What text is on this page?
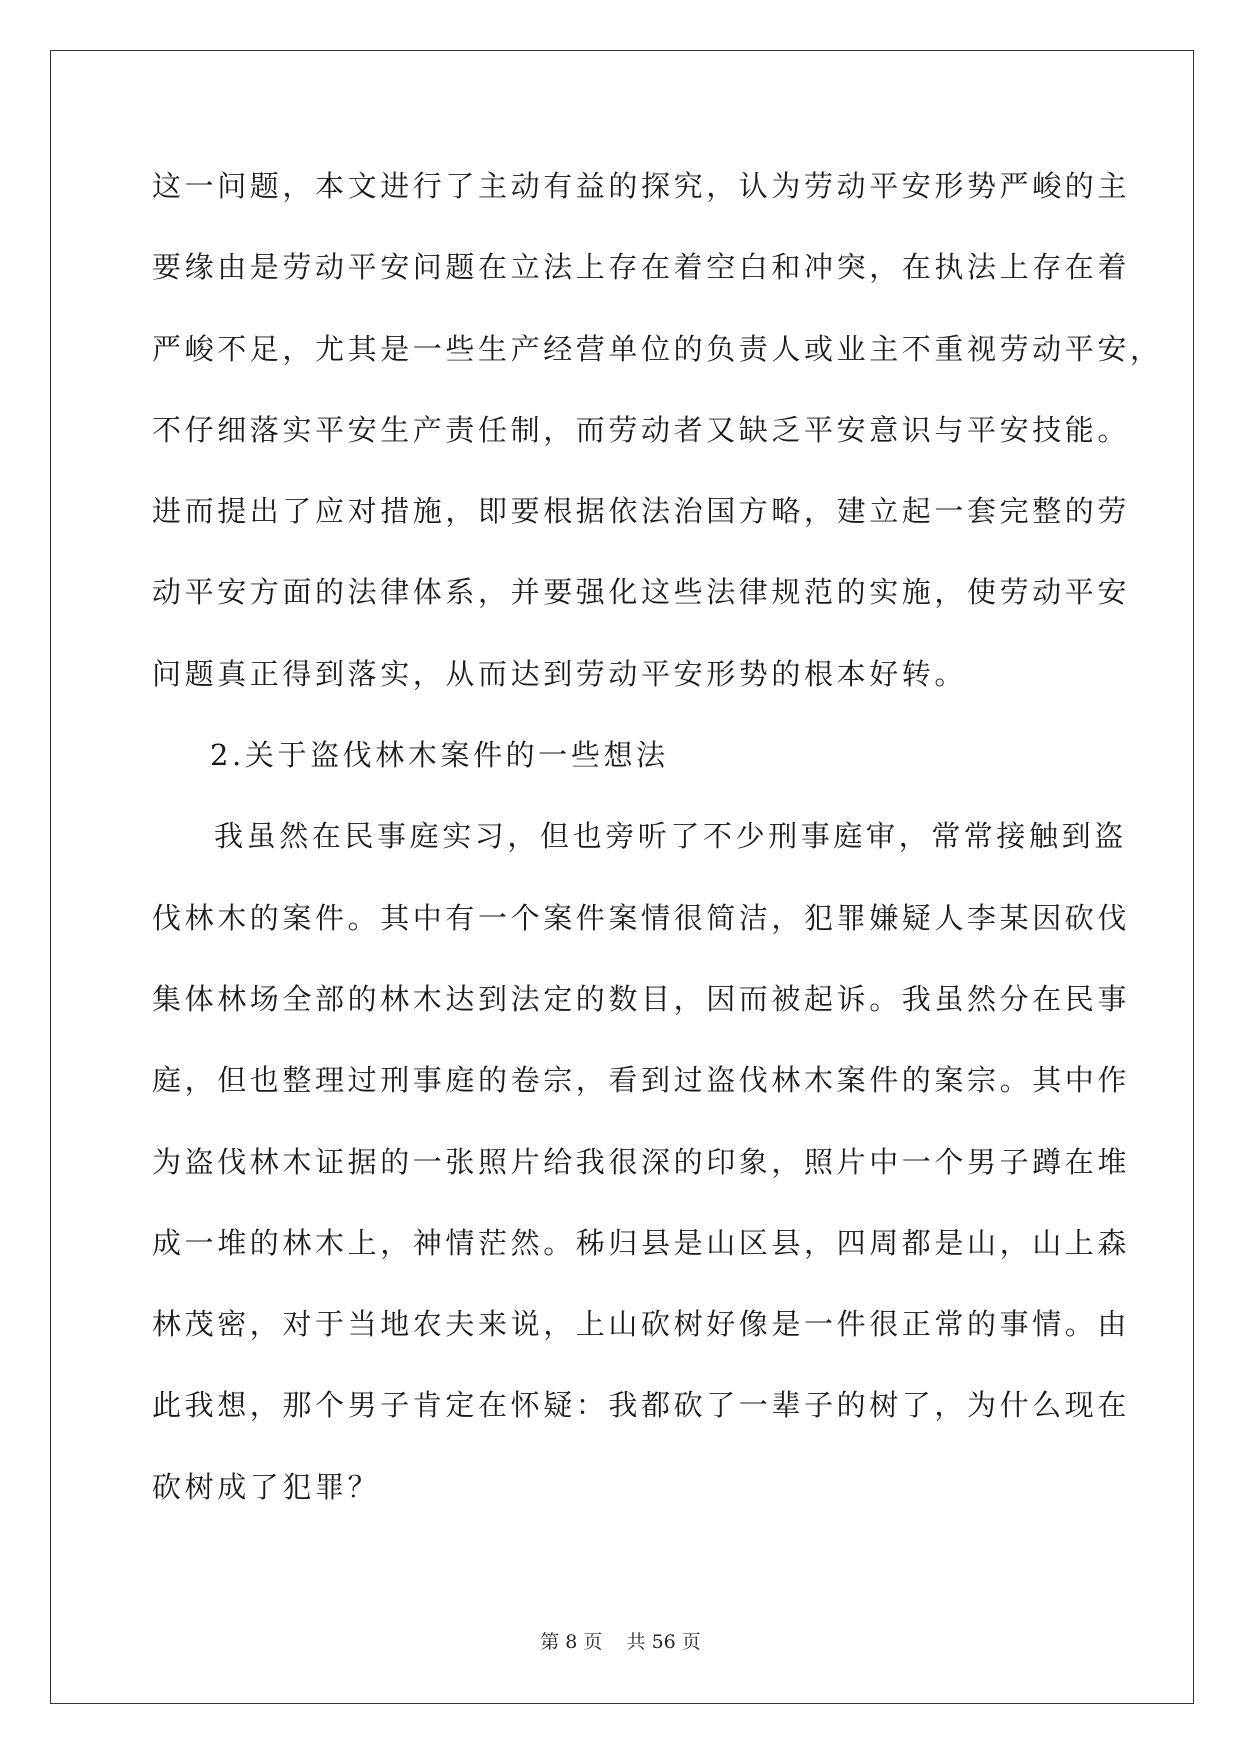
这一问题，本文进行了主动有益的探究，认为劳动平安形势严峻的主
要缘由是劳动平安问题在立法上存在着空白和冲突，在执法上存在着
严峻不足，尤其是一些生产经营单位的负责人或业主不重视劳动平安，
不仔细落实平安生产责任制，而劳动者又缺乏平安意识与平安技能。
进而提出了应对措施，即要根据依法治国方略，建立起一套完整的劳
动平安方面的法律体系，并要强化这些法律规范的实施，使劳动平安
问题真正得到落实，从而达到劳动平安形势的根本好转。
2.关于盗伐林木案件的一些想法
我虽然在民事庭实习，但也旁听了不少刑事庭审，常常接触到盗
伐林木的案件。其中有一个案件案情很简洁，犯罪嫌疑人李某因砍伐
集体林场全部的林木达到法定的数目，因而被起诉。我虽然分在民事
庭，但也整理过刑事庭的卷宗，看到过盗伐林木案件的案宗。其中作
为盗伐林木证据的一张照片给我很深的印象，照片中一个男子蹲在堆
成一堆的林木上，神情茫然。秭归县是山区县，四周都是山，山上森
林茂密，对于当地农夫来说，上山砍树好像是一件很正常的事情。由
此我想，那个男子肯定在怀疑：我都砍了一辈子的树了，为什么现在
砍树成了犯罪？
第 8 页    共 56 页
